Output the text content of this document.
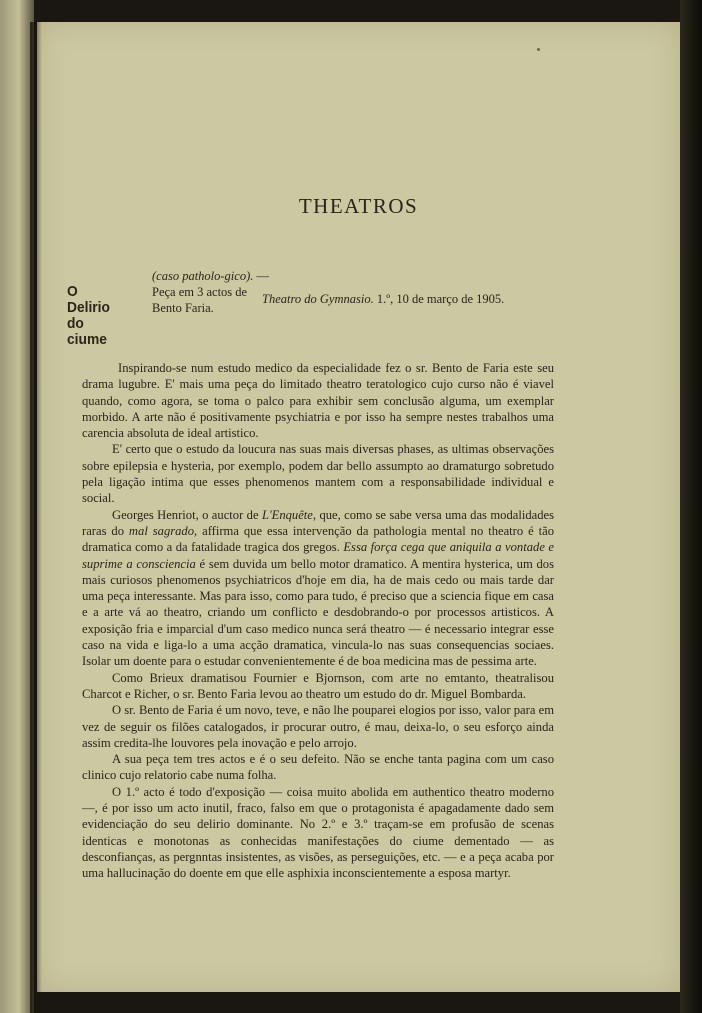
THEATROS
O Delirio
do ciume
(caso patholo-gico). — Peça em 3 actos de Bento Faria.
Theatro do Gymnasio. 1.º, 10 de março de 1905.

Inspirando-se num estudo medico da especialidade fez o sr. Bento de Faria este seu drama lugubre. E' mais uma peça do limitado theatro teratologico cujo curso não é viavel quando, como agora, se toma o palco para exhibir sem conclusão alguma, um exemplar morbido. A arte não é positivamente psychiatria e por isso ha sempre nestes trabalhos uma carencia absoluta de ideal artistico.

E' certo que o estudo da loucura nas suas mais diversas phases, as ultimas observações sobre epilepsia e hysteria, por exemplo, podem dar bello assumpto ao dramaturgo sobretudo pela ligação intima que esses phenomenos mantem com a responsabilidade individual e social.

Georges Henriot, o auctor de L'Enquête, que, como se sabe versa uma das modalidades raras do mal sagrado, affirma que essa intervenção da pathologia mental no theatro é tão dramatica como a da fatalidade tragica dos gregos. Essa força cega que aniquila a vontade e suprime a consciencia é sem duvida um bello motor dramatico. A mentira hysterica, um dos mais curiosos phenomenos psychiatricos d'hoje em dia, ha de mais cedo ou mais tarde dar uma peça interessante. Mas para isso, como para tudo, é preciso que a sciencia fique em casa e a arte vá ao theatro, criando um conflicto e desdobrando-o por processos artisticos. A exposição fria e imparcial d'um caso medico nunca será theatro — é necessario integrar esse caso na vida e liga-lo a uma acção dramatica, vincula-lo nas suas consequencias sociaes. Isolar um doente para o estudar convenientemente é de boa medicina mas de pessima arte.

Como Brieux dramatisou Fournier e Bjornson, com arte no emtanto, theatralisou Charcot e Richer, o sr. Bento Faria levou ao theatro um estudo do dr. Miguel Bombarda.

O sr. Bento de Faria é um novo, teve, e não lhe pouparei elogios por isso, valor para em vez de seguir os filões catalogados, ir procurar outro, é mau, deixa-lo, o seu esforço ainda assim credita-lhe louvores pela inovação e pelo arrojo.

A sua peça tem tres actos e é o seu defeito. Não se enche tanta pagina com um caso clinico cujo relatorio cabe numa folha.

O 1.º acto é todo d'exposição — coisa muito abolida em authentico theatro moderno —, é por isso um acto inutil, fraco, falso em que o protagonista é apagadamente dado sem evidenciação do seu delirio dominante. No 2.º e 3.º traçam-se em profusão de scenas identicas e monotonas as conhecidas manifestações do ciume dementado — as desconfianças, as pergnntas insistentes, as visões, as perseguições, etc. — e a peça acaba por uma hallucinação do doente em que elle asphixia inconscientemente a esposa martyr.
